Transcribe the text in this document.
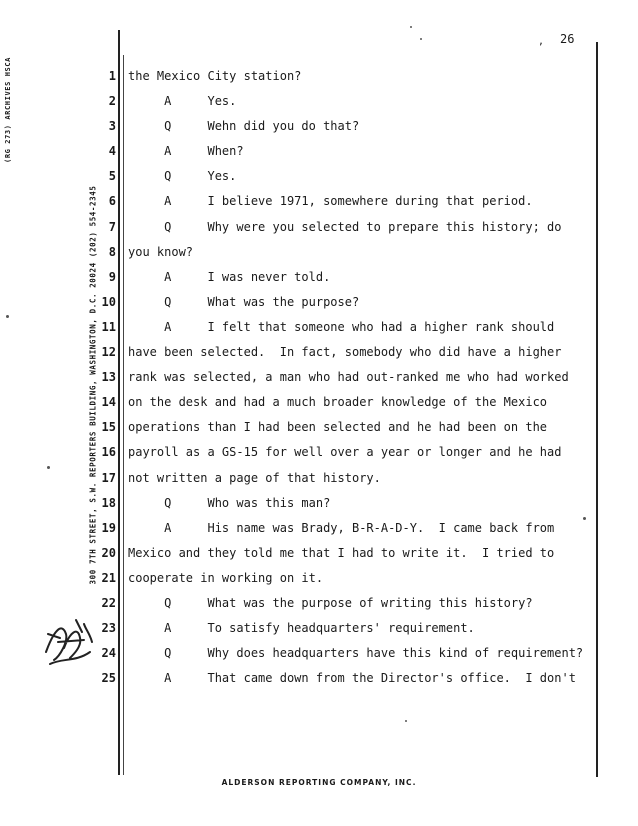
, 26
(RG 273) ARCHIVES HSCA
300 7TH STREET, S.W. REPORTERS BUILDING, WASHINGTON, D.C. 20024 (202) 554-2345
1
2
3
4
5
6
7
8
9
10
11
12
13
14
15
16
17
18
19
20
21
22
23
24
25
the Mexico City station?
A     Yes.
Q     Wehn did you do that?
A     When?
Q     Yes.
A     I believe 1971, somewhere during that period.
Q     Why were you selected to prepare this history; do
you know?
A     I was never told.
Q     What was the purpose?
A     I felt that someone who had a higher rank should
have been selected.  In fact, somebody who did have a higher
rank was selected, a man who had out-ranked me who had worked
on the desk and had a much broader knowledge of the Mexico
operations than I had been selected and he had been on the
payroll as a GS-15 for well over a year or longer and he had
not written a page of that history.
Q     Who was this man?
A     His name was Brady, B-R-A-D-Y.  I came back from
Mexico and they told me that I had to write it.  I tried to
cooperate in working on it.
Q     What was the purpose of writing this history?
A     To satisfy headquarters' requirement.
Q     Why does headquarters have this kind of requirement?
A     That came down from the Director's office.  I don't
ALDERSON REPORTING COMPANY, INC.
